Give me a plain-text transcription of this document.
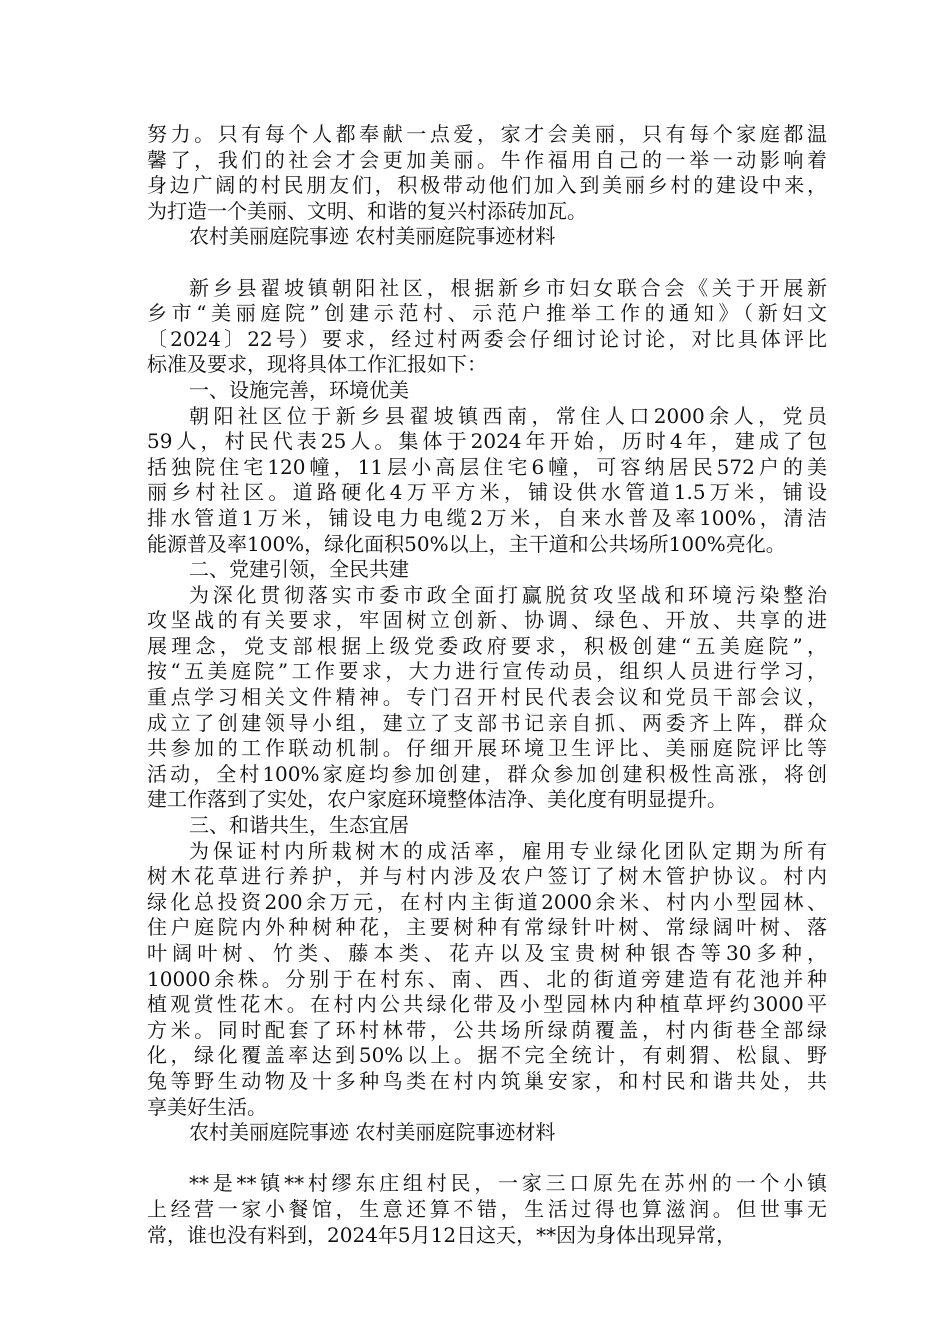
努力。只有每个人都奉献一点爱，家才会美丽，只有每个家庭都温
馨了，我们的社会才会更加美丽。牛作福用自己的一举一动影响着
身边广阔的村民朋友们，积极带动他们加入到美丽乡村的建设中来，
为打造一个美丽、文明、和谐的复兴村添砖加瓦。
农村美丽庭院事迹 农村美丽庭院事迹材料
新乡县翟坡镇朝阳社区，根据新乡市妇女联合会《关于开展新
乡市“美丽庭院”创建示范村、示范户推举工作的通知》（新妇文
〔2024〕22号）要求，经过村两委会仔细讨论讨论，对比具体评比
标准及要求，现将具体工作汇报如下：
一、设施完善，环境优美
朝阳社区位于新乡县翟坡镇西南，常住人口2000余人，党员
59人，村民代表25人。集体于2024年开始，历时4年，建成了包
括独院住宅120幢，11层小高层住宅6幢，可容纳居民572户的美
丽乡村社区。道路硬化4万平方米，铺设供水管道1.5万米，铺设
排水管道1万米，铺设电力电缆2万米，自来水普及率100%，清洁
能源普及率100%，绿化面积50%以上，主干道和公共场所100%亮化。
二、党建引领，全民共建
为深化贯彻落实市委市政全面打赢脱贫攻坚战和环境污染整治
攻坚战的有关要求，牢固树立创新、协调、绿色、开放、共享的进
展理念，党支部根据上级党委政府要求，积极创建“五美庭院”，
按“五美庭院”工作要求，大力进行宣传动员，组织人员进行学习，
重点学习相关文件精神。专门召开村民代表会议和党员干部会议，
成立了创建领导小组，建立了支部书记亲自抓、两委齐上阵，群众
共参加的工作联动机制。仔细开展环境卫生评比、美丽庭院评比等
活动，全村100%家庭均参加创建，群众参加创建积极性高涨，将创
建工作落到了实处，农户家庭环境整体洁净、美化度有明显提升。
三、和谐共生，生态宜居
为保证村内所栽树木的成活率，雇用专业绿化团队定期为所有
树木花草进行养护，并与村内涉及农户签订了树木管护协议。村内
绿化总投资200余万元，在村内主街道2000余米、村内小型园林、
住户庭院内外种树种花，主要树种有常绿针叶树、常绿阔叶树、落
叶阔叶树、竹类、藤本类、花卉以及宝贵树种银杏等30多种，
10000余株。分别于在村东、南、西、北的街道旁建造有花池并种
植观赏性花木。在村内公共绿化带及小型园林内种植草坪约3000平
方米。同时配套了环村林带，公共场所绿荫覆盖，村内街巷全部绿
化，绿化覆盖率达到50%以上。据不完全统计，有刺猬、松鼠、野
兔等野生动物及十多种鸟类在村内筑巢安家，和村民和谐共处，共
享美好生活。
农村美丽庭院事迹 农村美丽庭院事迹材料
**是**镇**村缪东庄组村民，一家三口原先在苏州的一个小镇
上经营一家小餐馆，生意还算不错，生活过得也算滋润。但世事无
常，谁也没有料到，2024年5月12日这天，**因为身体出现异常，
